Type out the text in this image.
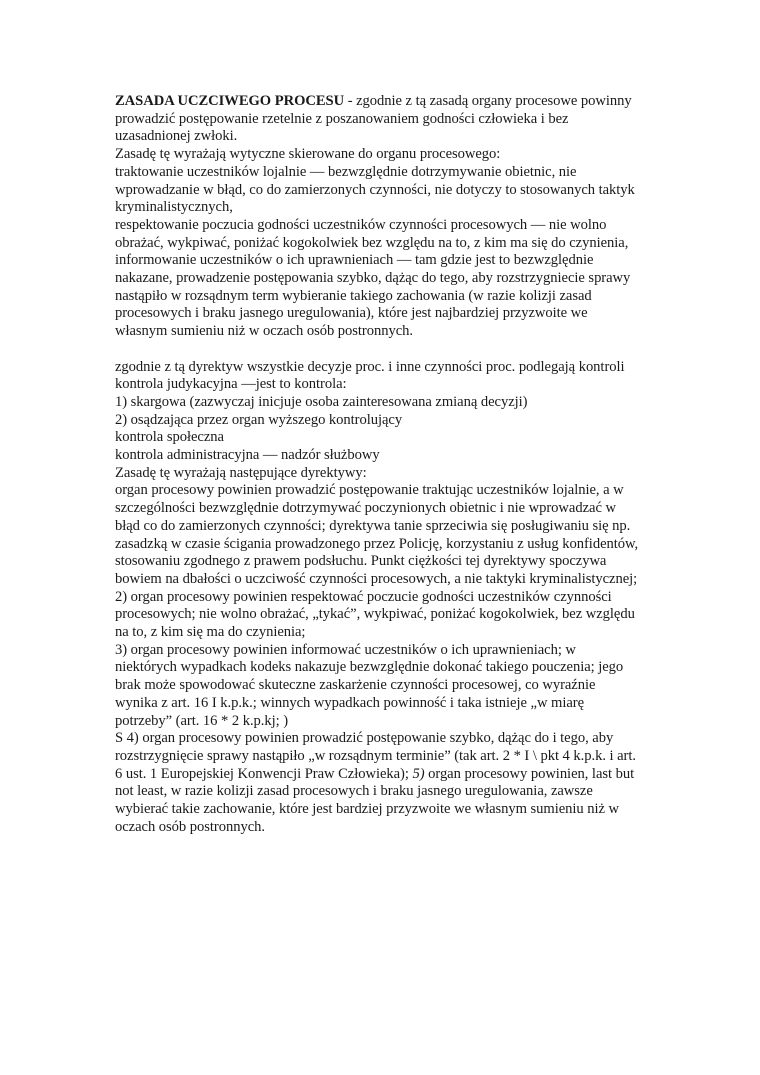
ZASADA UCZCIWEGO PROCESU - zgodnie z tą zasadą organy procesowe powinny

prowadzić postępowanie rzetelnie z poszanowaniem godności człowieka i bez

uzasadnionej zwłoki.

Zasadę tę wyrażają wytyczne skierowane do organu procesowego:

traktowanie uczestników lojalnie — bezwzględnie dotrzymywanie obietnic, nie

wprowadzanie w błąd, co do zamierzonych czynności, nie dotyczy to stosowanych taktyk

kryminalistycznych,

respektowanie poczucia godności uczestników czynności procesowych — nie wolno

obrażać, wykpiwać, poniżać kogokolwiek bez względu na to, z kim ma się do czynienia,

informowanie uczestników o ich uprawnieniach — tam gdzie jest to bezwzględnie

nakazane, prowadzenie postępowania szybko, dążąc do tego, aby rozstrzygniecie sprawy

nastąpiło w rozsądnym term wybieranie takiego zachowania (w razie kolizji zasad

procesowych i braku jasnego uregulowania), które jest najbardziej przyzwoite we

własnym sumieniu niż w oczach osób postronnych.

zgodnie z tą dyrektyw wszystkie decyzje proc. i inne czynności proc. podlegają kontroli

kontrola judykacyjna —jest to kontrola:

1) skargowa (zazwyczaj inicjuje osoba zainteresowana zmianą decyzji)

2) osądzająca przez organ wyższego kontrolujący

kontrola społeczna

kontrola administracyjna — nadzór służbowy

Zasadę tę wyrażają następujące dyrektywy:

organ procesowy powinien prowadzić postępowanie traktując uczestników lojalnie, a w

szczególności bezwzględnie dotrzymywać poczynionych obietnic i nie wprowadzać w

błąd co do zamierzonych czynności; dyrektywa tanie sprzeciwia się posługiwaniu się np.

zasadzką w czasie ścigania prowadzonego przez Policję, korzystaniu z usług konfidentów,

stosowaniu zgodnego z prawem podsłuchu. Punkt ciężkości tej dyrektywy spoczywa

bowiem na dbałości o uczciwość czynności procesowych, a nie taktyki kryminalistycznej;

2) organ procesowy powinien respektować poczucie godności uczestników czynności

procesowych; nie wolno obrażać, „tykać”, wykpiwać, poniżać kogokolwiek, bez względu

na to, z kim się ma do czynienia;

3) organ procesowy powinien informować uczestników o ich uprawnieniach; w

niektórych wypadkach kodeks nakazuje bezwzględnie dokonać takiego pouczenia; jego

brak może spowodować skuteczne zaskarżenie czynności procesowej, co wyraźnie

wynika z art. 16 I k.p.k.; winnych wypadkach powinność i taka istnieje „w miarę

potrzeby” (art. 16 * 2 k.p.kj; )

S 4) organ procesowy powinien prowadzić postępowanie szybko, dążąc do i tego, aby

rozstrzygnięcie sprawy nastąpiło „w rozsądnym terminie” (tak art. 2 * I \ pkt 4 k.p.k. i art.

6 ust. 1 Europejskiej Konwencji Praw Człowieka); 5) organ procesowy powinien, last but

not least, w razie kolizji zasad procesowych i braku jasnego uregulowania, zawsze

wybierać takie zachowanie, które jest bardziej przyzwoite we własnym sumieniu niż w

oczach osób postronnych.
